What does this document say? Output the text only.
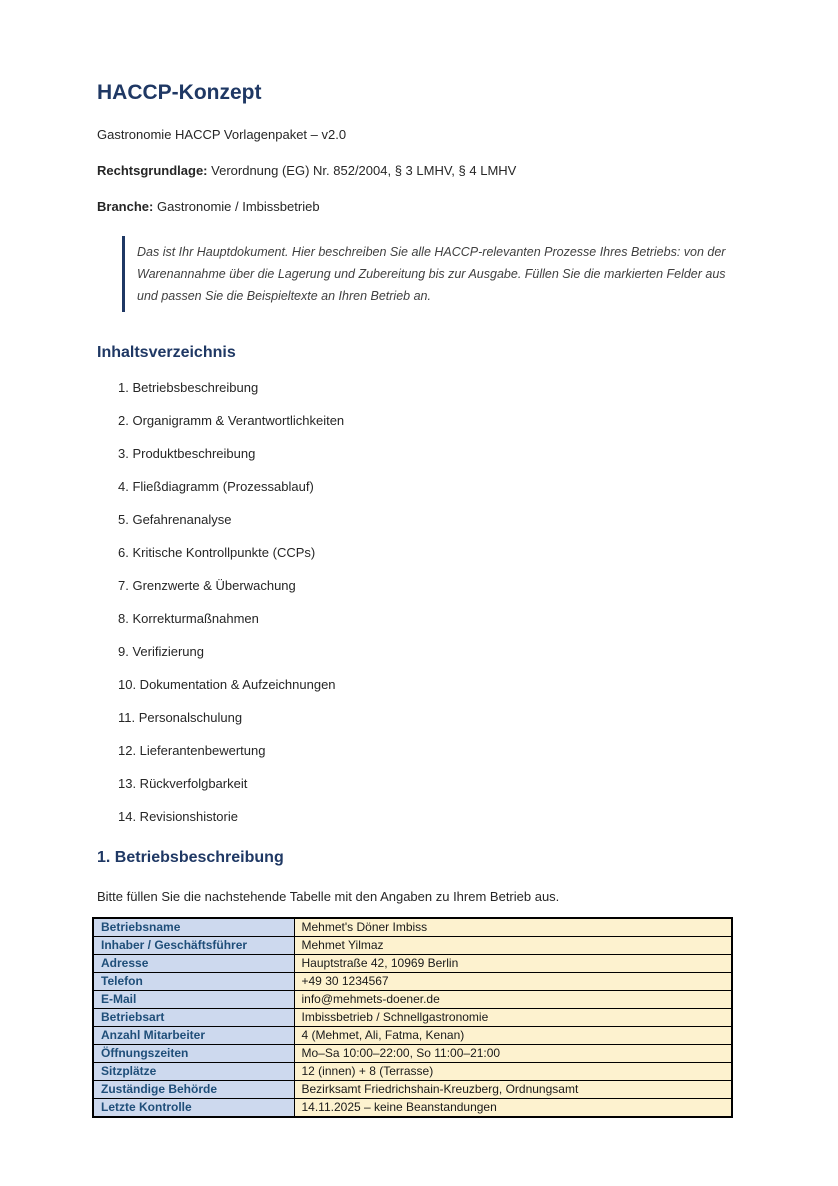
HACCP-Konzept

Gastronomie HACCP Vorlagenpaket – v2.0

Rechtsgrundlage: Verordnung (EG) Nr. 852/2004, § 3 LMHV, § 4 LMHV

Branche: Gastronomie / Imbissbetrieb

Das ist Ihr Hauptdokument. Hier beschreiben Sie alle HACCP-relevanten Prozesse Ihres Betriebs: von der Warenannahme über die Lagerung und Zubereitung bis zur Ausgabe. Füllen Sie die markierten Felder aus und passen Sie die Beispieltexte an Ihren Betrieb an.
Inhaltsverzeichnis
1. Betriebsbeschreibung
2. Organigramm & Verantwortlichkeiten
3. Produktbeschreibung
4. Fließdiagramm (Prozessablauf)
5. Gefahrenanalyse
6. Kritische Kontrollpunkte (CCPs)
7. Grenzwerte & Überwachung
8. Korrekturmaßnahmen
9. Verifizierung
10. Dokumentation & Aufzeichnungen
11. Personalschulung
12. Lieferantenbewertung
13. Rückverfolgbarkeit
14. Revisionshistorie
1. Betriebsbeschreibung

Bitte füllen Sie die nachstehende Tabelle mit den Angaben zu Ihrem Betrieb aus.

Betriebsname	Mehmet's Döner Imbiss
Inhaber / Geschäftsführer	Mehmet Yilmaz
Adresse	Hauptstraße 42, 10969 Berlin
Telefon	+49 30 1234567
E-Mail	info@mehmets-doener.de
Betriebsart	Imbissbetrieb / Schnellgastronomie
Anzahl Mitarbeiter	4 (Mehmet, Ali, Fatma, Kenan)
Öffnungszeiten	Mo–Sa 10:00–22:00, So 11:00–21:00
Sitzplätze	12 (innen) + 8 (Terrasse)
Zuständige Behörde	Bezirksamt Friedrichshain-Kreuzberg, Ordnungsamt
Letzte Kontrolle	14.11.2025 – keine Beanstandungen
